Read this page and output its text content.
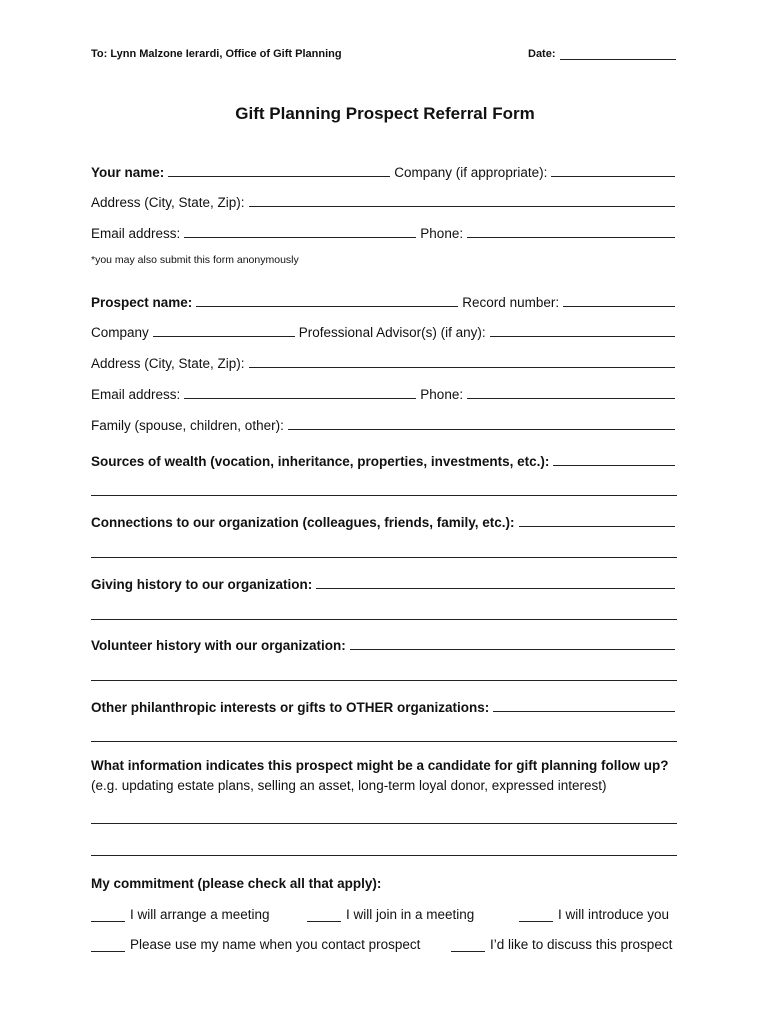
To: Lynn Malzone Ierardi, Office of Gift Planning	Date:
Gift Planning Prospect Referral Form
Your name:	Company (if appropriate):
Address (City, State, Zip):
Email address:	Phone:
*you may also submit this form anonymously
Prospect name:	Record number:
Company	Professional Advisor(s) (if any):
Address (City, State, Zip):
Email address:	Phone:
Family (spouse, children, other):
Sources of wealth (vocation, inheritance, properties, investments, etc.):
Connections to our organization (colleagues, friends, family, etc.):
Giving history to our organization:
Volunteer history with our organization:
Other philanthropic interests or gifts to OTHER organizations:
What information indicates this prospect might be a candidate for gift planning follow up?
(e.g. updating estate plans, selling an asset, long-term loyal donor, expressed interest)
My commitment (please check all that apply):
I will arrange a meeting	I will join in a meeting	I will introduce you
Please use my name when you contact prospect	I’d like to discuss this prospect
